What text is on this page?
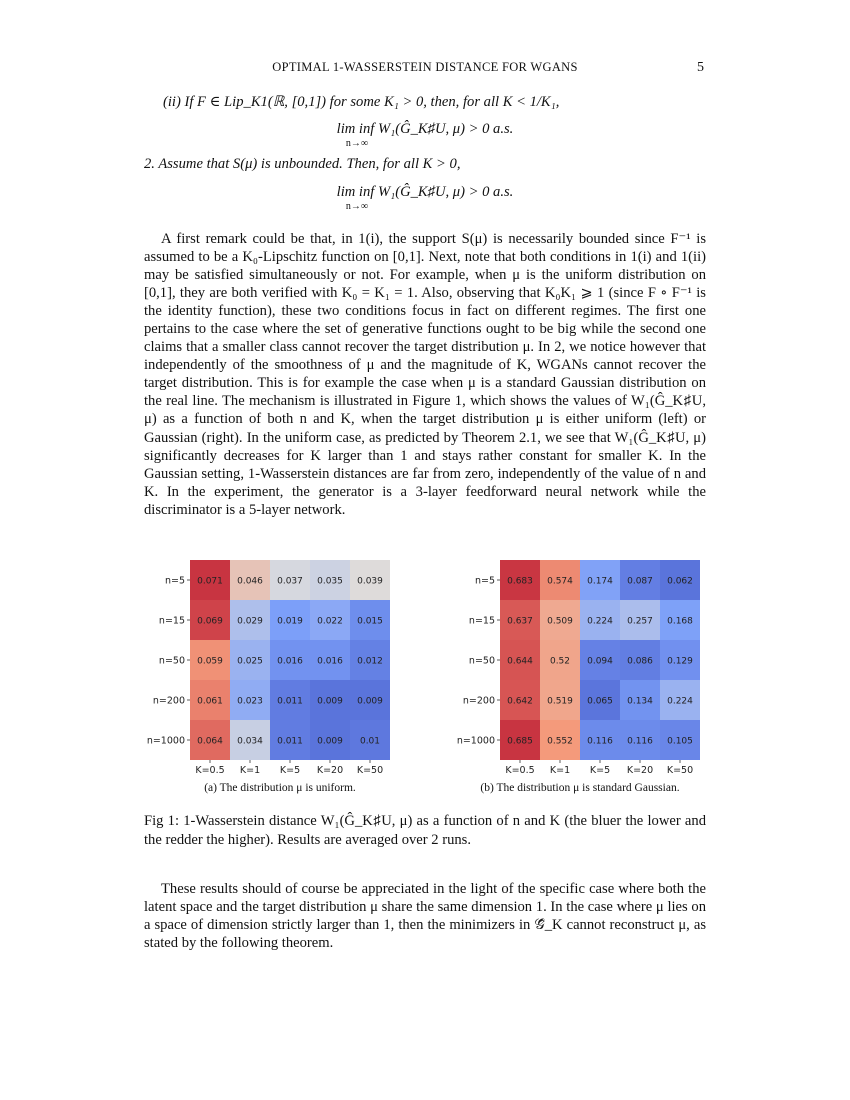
OPTIMAL 1-WASSERSTEIN DISTANCE FOR WGANS	5
(ii) If F ∈ Lip_K1(ℝ, [0,1]) for some K₁ > 0, then, for all K < 1/K₁,
lim inf W₁(Ĝ_K♯U, μ) > 0 a.s.
n→∞
2. Assume that S(μ) is unbounded. Then, for all K > 0,
lim inf W₁(Ĝ_K♯U, μ) > 0 a.s.
n→∞
A first remark could be that, in 1(i), the support S(μ) is necessarily bounded since F⁻¹ is assumed to be a K₀-Lipschitz function on [0,1]. Next, note that both conditions in 1(i) and 1(ii) may be satisfied simultaneously or not. For example, when μ is the uniform distribution on [0,1], they are both verified with K₀ = K₁ = 1. Also, observing that K₀K₁ ⩾ 1 (since F ∘ F⁻¹ is the identity function), these two conditions focus in fact on different regimes. The first one pertains to the case where the set of generative functions ought to be big while the second one claims that a smaller class cannot recover the target distribution μ. In 2, we notice however that independently of the smoothness of μ and the magnitude of K, WGANs cannot recover the target distribution. This is for example the case when μ is a standard Gaussian distribution on the real line. The mechanism is illustrated in Figure 1, which shows the values of W₁(Ĝ_K♯U, μ) as a function of both n and K, when the target distribution μ is either uniform (left) or Gaussian (right). In the uniform case, as predicted by Theorem 2.1, we see that W₁(Ĝ_K♯U, μ) significantly decreases for K larger than 1 and stays rather constant for smaller K. In the Gaussian setting, 1-Wasserstein distances are far from zero, independently of the value of n and K. In the experiment, the generator is a 3-layer feedforward neural network while the discriminator is a 5-layer network.
0.071 0.046 0.037 0.035 0.039
0.069 0.029 0.019 0.022 0.015
0.059 0.025 0.016 0.016 0.012
0.061 0.023 0.011 0.009 0.009
0.064 0.034 0.011 0.009 0.01
n=5
n=15
n=50
n=200
n=1000
K=0.5 K=1 K=5 K=20 K=50
0.683 0.574 0.174 0.087 0.062
0.637 0.509 0.224 0.257 0.168
0.644 0.52 0.094 0.086 0.129
0.642 0.519 0.065 0.134 0.224
0.685 0.552 0.116 0.116 0.105
n=5
n=15
n=50
n=200
n=1000
K=0.5 K=1 K=5 K=20 K=50
(a) The distribution μ is uniform.	(b) The distribution μ is standard Gaussian.
Fig 1: 1-Wasserstein distance W₁(Ĝ_K♯U, μ) as a function of n and K (the bluer the lower and the redder the higher). Results are averaged over 2 runs.
These results should of course be appreciated in the light of the specific case where both the latent space and the target distribution μ share the same dimension 1. In the case where μ lies on a space of dimension strictly larger than 1, then the minimizers in 𝒢̂_K cannot reconstruct μ, as stated by the following theorem.
